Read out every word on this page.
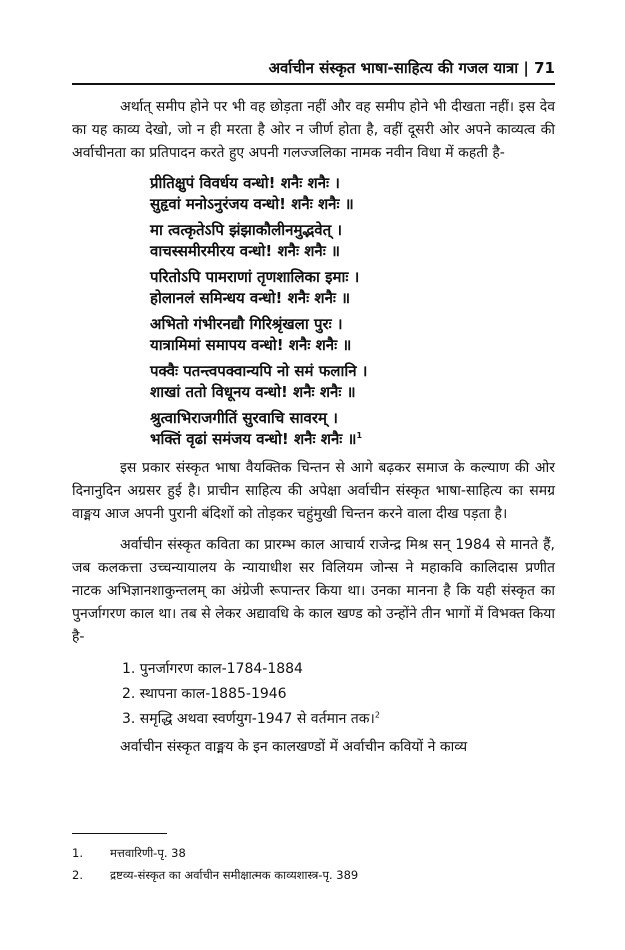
अर्वाचीन संस्कृत भाषा-साहित्य की गजल यात्रा | 71

अर्थात् समीप होने पर भी वह छोड़ता नहीं और वह समीप होने भी दीखता नहीं। इस देव का यह काव्य देखो, जो न ही मरता है ओर न जीर्ण होता है, वहीं दूसरी ओर अपने काव्यत्व की अर्वाचीनता का प्रतिपादन करते हुए अपनी गलज्जलिका नामक नवीन विधा में कहती है-

प्रीतिक्षुपं विवर्धय वन्धो! शनैः शनैः ।

सुहृवां मनोऽनुरंजय वन्धो! शनैः शनैः ॥

मा त्वत्कृतेऽपि झंझाकौलीनमुद्भवेत् ।

वाचस्समीरमीरय वन्धो! शनैः शनैः ॥

परितोऽपि पामराणां तृणशालिका इमाः ।

होलानलं समिन्धय वन्धो! शनैः शनैः ॥

अभितो गंभीरनद्यौ गिरिश्रृंखला पुरः ।

यात्रामिमां समापय वन्धो! शनैः शनैः ॥

पक्वैः पतन्त्वपक्वान्यपि नो समं फलानि ।

शाखां ततो विधूनय वन्धो! शनैः शनैः ॥

श्रुत्वाभिराजगीतिं सुरवाचि सावरम् ।

भक्तिं वृढां समंजय वन्धो! शनैः शनैः ॥$^1$

इस प्रकार संस्कृत भाषा वैयक्तिक चिन्तन से आगे बढ़कर समाज के कल्याण की ओर दिनानुदिन अग्रसर हुई है। प्राचीन साहित्य की अपेक्षा अर्वाचीन संस्कृत भाषा-साहित्य का समग्र वाङ्मय आज अपनी पुरानी बंदिशों को तोड़कर चहुंमुखी चिन्तन करने वाला दीख पड़ता है।

अर्वाचीन संस्कृत कविता का प्रारम्भ काल आचार्य राजेन्द्र मिश्र सन् 1984 से मानते हैं, जब कलकत्ता उच्चन्यायालय के न्यायाधीश सर विलियम जोन्स ने महाकवि कालिदास प्रणीत नाटक अभिज्ञानशाकुन्तलम् का अंग्रेजी रूपान्तर किया था। उनका मानना है कि यही संस्कृत का पुनर्जागरण काल था। तब से लेकर अद्यावधि के काल खण्ड को उन्होंने तीन भागों में विभक्त किया है-

1. पुनर्जागरण काल-1784-1884
2. स्थापना काल-1885-1946
3. समृद्धि अथवा स्वर्णयुग-1947 से वर्तमान तक।$^2$

अर्वाचीन संस्कृत वाङ्मय के इन कालखण्डों में अर्वाचीन कवियों ने काव्य

1. मत्तवारिणी-पृ. 38
2. द्रष्टव्य-संस्कृत का अर्वाचीन समीक्षात्मक काव्यशास्त्र-पृ. 389
